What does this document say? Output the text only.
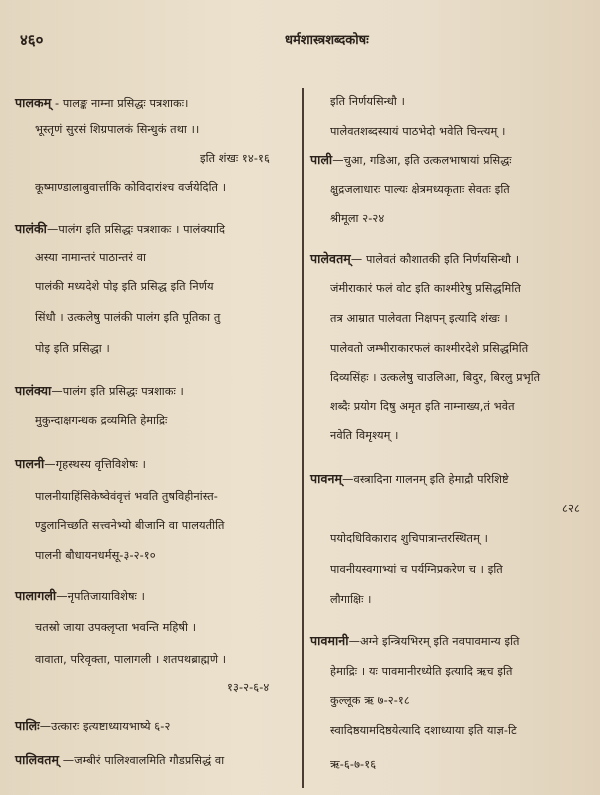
४६०	धर्मशास्त्रशब्दकोषः
पालकम् - पालङ्क नाम्ना प्रसिद्धः पत्रशाकः।
भूस्तृणं सुरसं शिग्रपालकं सिन्धुकं तथा ।।
इति शंखः १४-१६
कूष्माण्डालाबुवार्त्ताकि कोविदारांश्च वर्जयेदिति ।
पालंकी—पालंग इति प्रसिद्धः पत्रशाकः । पालंक्यादि
अस्या नामान्तरं पाठान्तरं वा
पालंकी मध्यदेशे पोइ इति प्रसिद्ध इति निर्णय
सिंधौ । उत्कलेषु पालंकी पालंग इति पूतिका तु
पोइ इति प्रसिद्धा ।
पालंक्या—पालंग इति प्रसिद्धः पत्रशाकः ।
मुकुन्दाक्षगन्धक द्रव्यमिति हेमाद्रिः
पालनी—गृहस्थस्य वृत्तिविशेषः ।
पालनीयाहिंसिकेष्वेवंवृत्तं भवति तुषविहीनांस्त-
ण्डुलानिच्छति सत्त्वनेभ्यो बीजानि वा पालयतीति
पालनी बौधायनधर्मसू-३-२-१०
पालागली—नृपतिजायाविशेषः ।
चतस्रो जाया उपक्लृप्ता भवन्ति महिषी ।
वावाता, परिवृक्ता, पालागली । शतपथब्राह्मणे ।
१३-२-६-४
पालिः—उत्कारः इत्यष्टाध्यायभाष्ये ६-२
पालिवतम् —जम्बीरं पालिश्वालमिति गौडप्रसिद्धं वा
इति निर्णयसिन्धौ ।
पालेवतशब्दस्यायं पाठभेदो भवेति चिन्त्यम् ।
पाली—चुआ, गडिआ, इति उत्कलभाषायां प्रसिद्धः
क्षुद्रजलाधारः पाल्यः क्षेत्रमध्यकृताः सेवतः इति
श्रीमूला २-२४
पालेवतम्— पालेवतं कौशातकी इति निर्णयसिन्धौ ।
जंमीराकारं फलं वोट इति काश्मीरेषु प्रसिद्धमिति
तत्र आम्रात पालेवता निक्षपन् इत्यादि शंखः ।
पालेवतो जम्भीराकारफलं काश्मीरदेशे प्रसिद्धमिति
दिव्यसिंहः । उत्कलेषु चाउलिआ, बिदुर, बिरलु प्रभृति
शब्दैः प्रयोग दिषु अमृत इति नाम्नाख्य,तं भवेत
नवेति विमृश्यम् ।
पावनम्—वस्त्रादिना गालनम् इति हेमाद्रौ परिशिष्टे
८२८
पयोदधिविकाराद शुचिपात्रान्तरस्थितम् ।
पावनीयस्वगाभ्यां च पर्यग्निप्रकरेण च । इति
लौगाक्षिः ।
पावमानी—अग्ने इन्त्रियभिरम् इति नवपावमान्य इति
हेमाद्रिः । यः पावमानीरध्येति इत्यादि ऋच इति
कुल्लूक ऋ ७-२-१८
स्वादिष्ठयामदिष्ठयेत्यादि दशाध्याया इति याज्ञ-टि
ऋ-६-७-१६
